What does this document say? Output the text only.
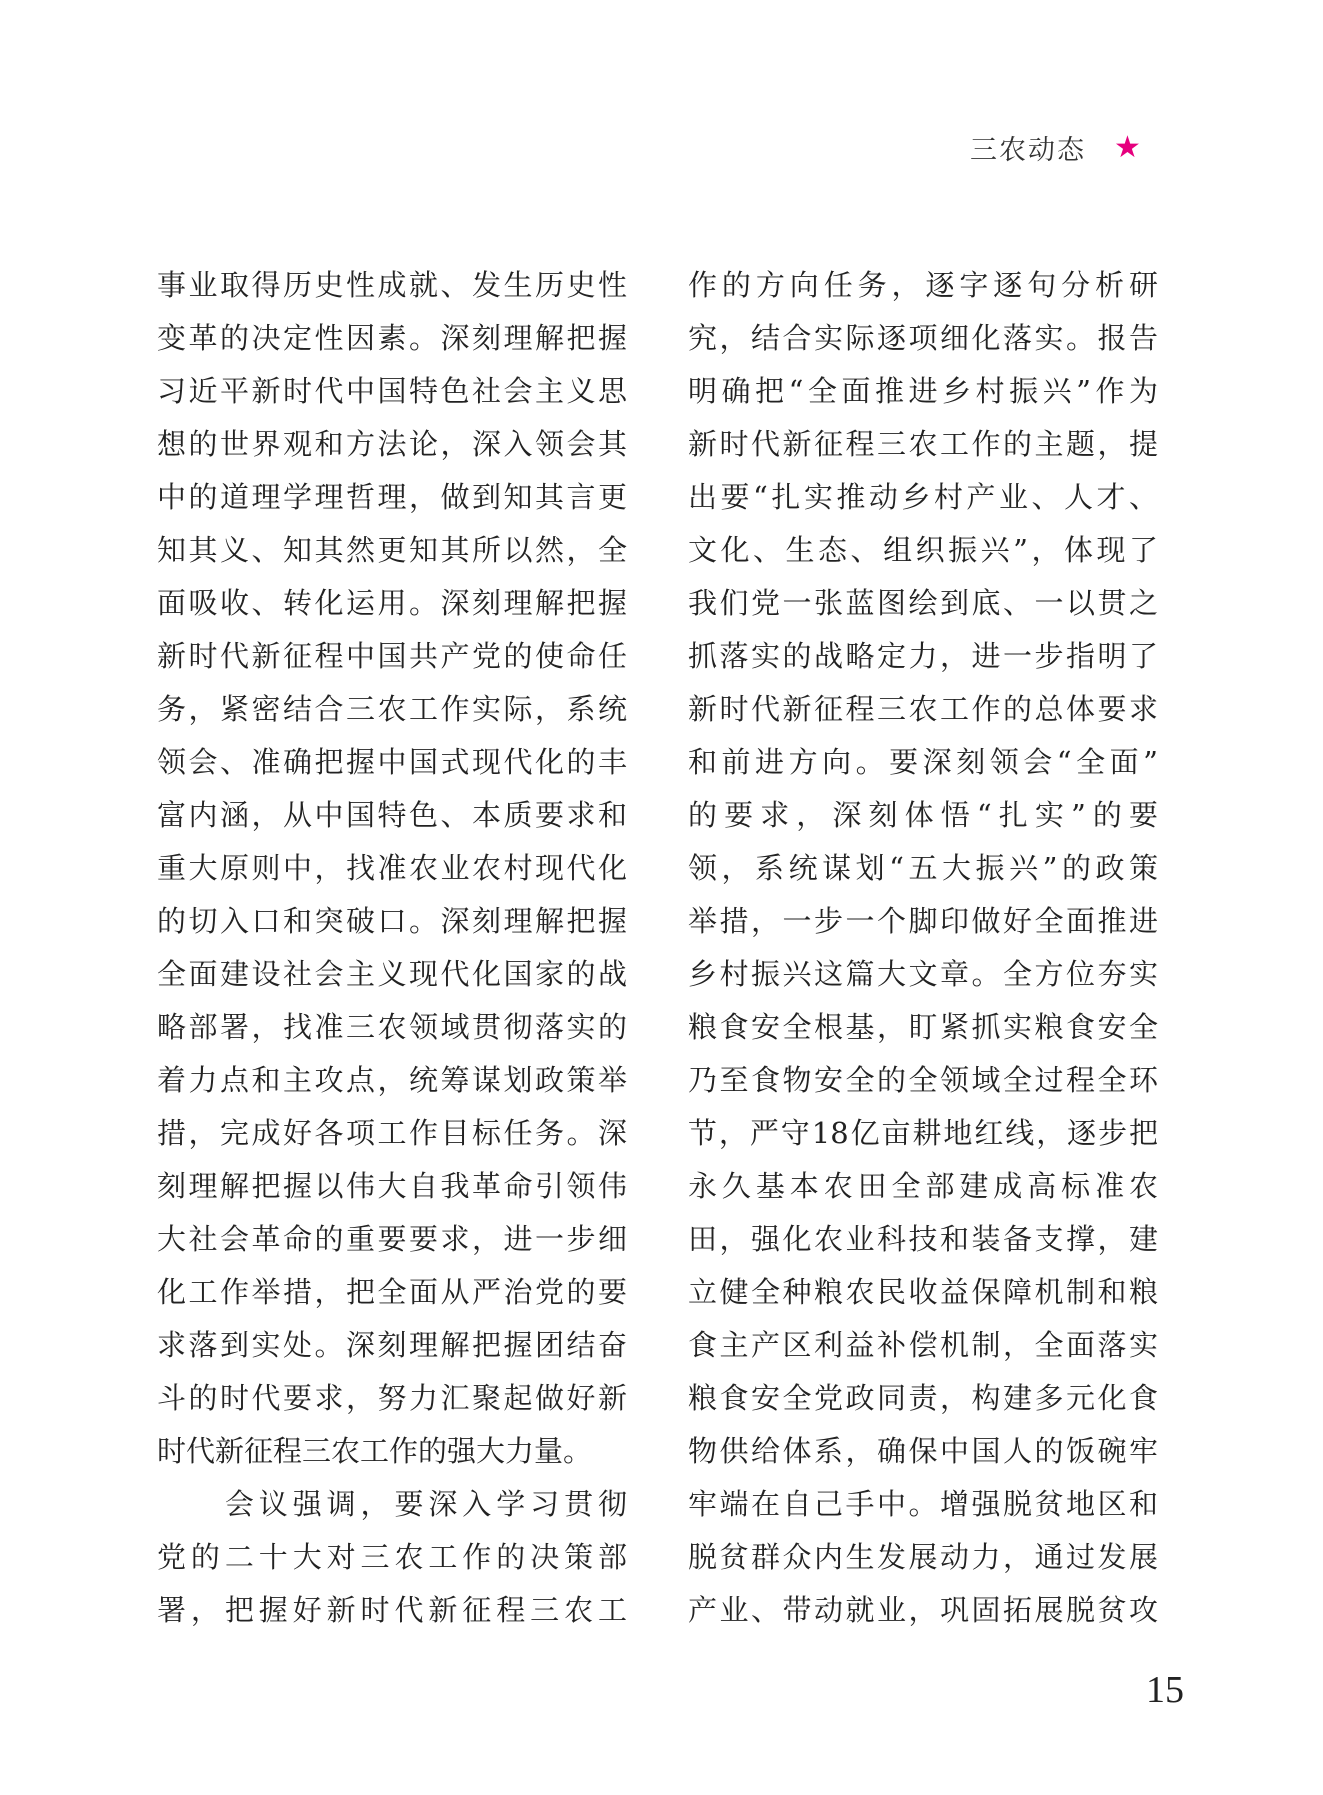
三农动态 ★
事业取得历史性成就、发生历史性
变革的决定性因素。深刻理解把握
习近平新时代中国特色社会主义思
想的世界观和方法论，深入领会其
中的道理学理哲理，做到知其言更
知其义、知其然更知其所以然，全
面吸收、转化运用。深刻理解把握
新时代新征程中国共产党的使命任
务，紧密结合三农工作实际，系统
领会、准确把握中国式现代化的丰
富内涵，从中国特色、本质要求和
重大原则中，找准农业农村现代化
的切入口和突破口。深刻理解把握
全面建设社会主义现代化国家的战
略部署，找准三农领域贯彻落实的
着力点和主攻点，统筹谋划政策举
措，完成好各项工作目标任务。深
刻理解把握以伟大自我革命引领伟
大社会革命的重要要求，进一步细
化工作举措，把全面从严治党的要
求落到实处。深刻理解把握团结奋
斗的时代要求，努力汇聚起做好新
时代新征程三农工作的强大力量。
　　会议强调，要深入学习贯彻
党的二十大对三农工作的决策部
署，把握好新时代新征程三农工
作的方向任务，逐字逐句分析研
究，结合实际逐项细化落实。报告
明确把“全面推进乡村振兴”作为
新时代新征程三农工作的主题，提
出要“扎实推动乡村产业、人才、
文化、生态、组织振兴”，体现了
我们党一张蓝图绘到底、一以贯之
抓落实的战略定力，进一步指明了
新时代新征程三农工作的总体要求
和前进方向。要深刻领会“全面”
的要求，深刻体悟“扎实”的要
领，系统谋划“五大振兴”的政策
举措，一步一个脚印做好全面推进
乡村振兴这篇大文章。全方位夯实
粮食安全根基，盯紧抓实粮食安全
乃至食物安全的全领域全过程全环
节，严守18亿亩耕地红线，逐步把
永久基本农田全部建成高标准农
田，强化农业科技和装备支撑，建
立健全种粮农民收益保障机制和粮
食主产区利益补偿机制，全面落实
粮食安全党政同责，构建多元化食
物供给体系，确保中国人的饭碗牢
牢端在自己手中。增强脱贫地区和
脱贫群众内生发展动力，通过发展
产业、带动就业，巩固拓展脱贫攻
15
